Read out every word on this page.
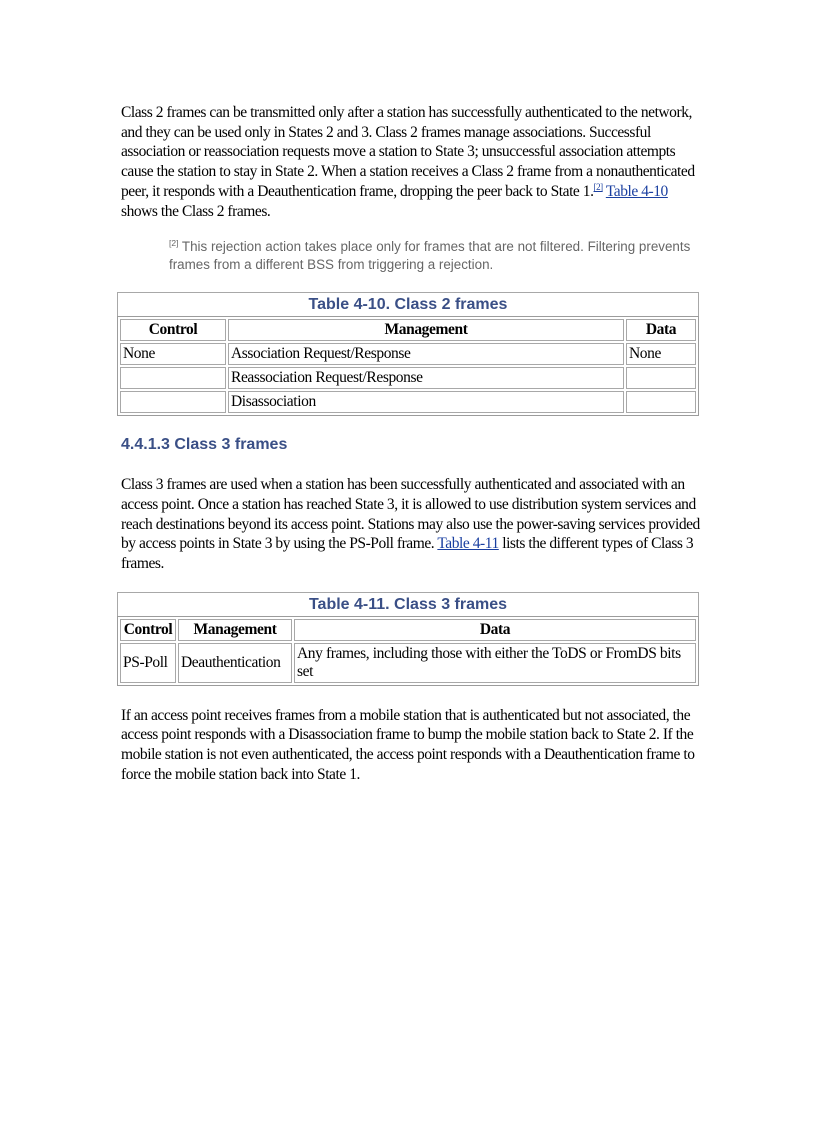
Class 2 frames can be transmitted only after a station has successfully authenticated to the network, and they can be used only in States 2 and 3. Class 2 frames manage associations. Successful association or reassociation requests move a station to State 3; unsuccessful association attempts cause the station to stay in State 2. When a station receives a Class 2 frame from a nonauthenticated peer, it responds with a Deauthentication frame, dropping the peer back to State 1.[2] Table 4-10 shows the Class 2 frames.

[2] This rejection action takes place only for frames that are not filtered. Filtering prevents frames from a different BSS from triggering a rejection.
Table 4-10. Class 2 frames
Control	Management	Data
None	Association Request/Response	None
	Reassociation Request/Response	
	Disassociation	
4.4.1.3 Class 3 frames

Class 3 frames are used when a station has been successfully authenticated and associated with an access point. Once a station has reached State 3, it is allowed to use distribution system services and reach destinations beyond its access point. Stations may also use the power-saving services provided by access points in State 3 by using the PS-Poll frame. Table 4-11 lists the different types of Class 3 frames.

Table 4-11. Class 3 frames
Control	Management	Data
PS-Poll	Deauthentication	Any frames, including those with either the ToDS or FromDS bits set

If an access point receives frames from a mobile station that is authenticated but not associated, the access point responds with a Disassociation frame to bump the mobile station back to State 2. If the mobile station is not even authenticated, the access point responds with a Deauthentication frame to force the mobile station back into State 1.
